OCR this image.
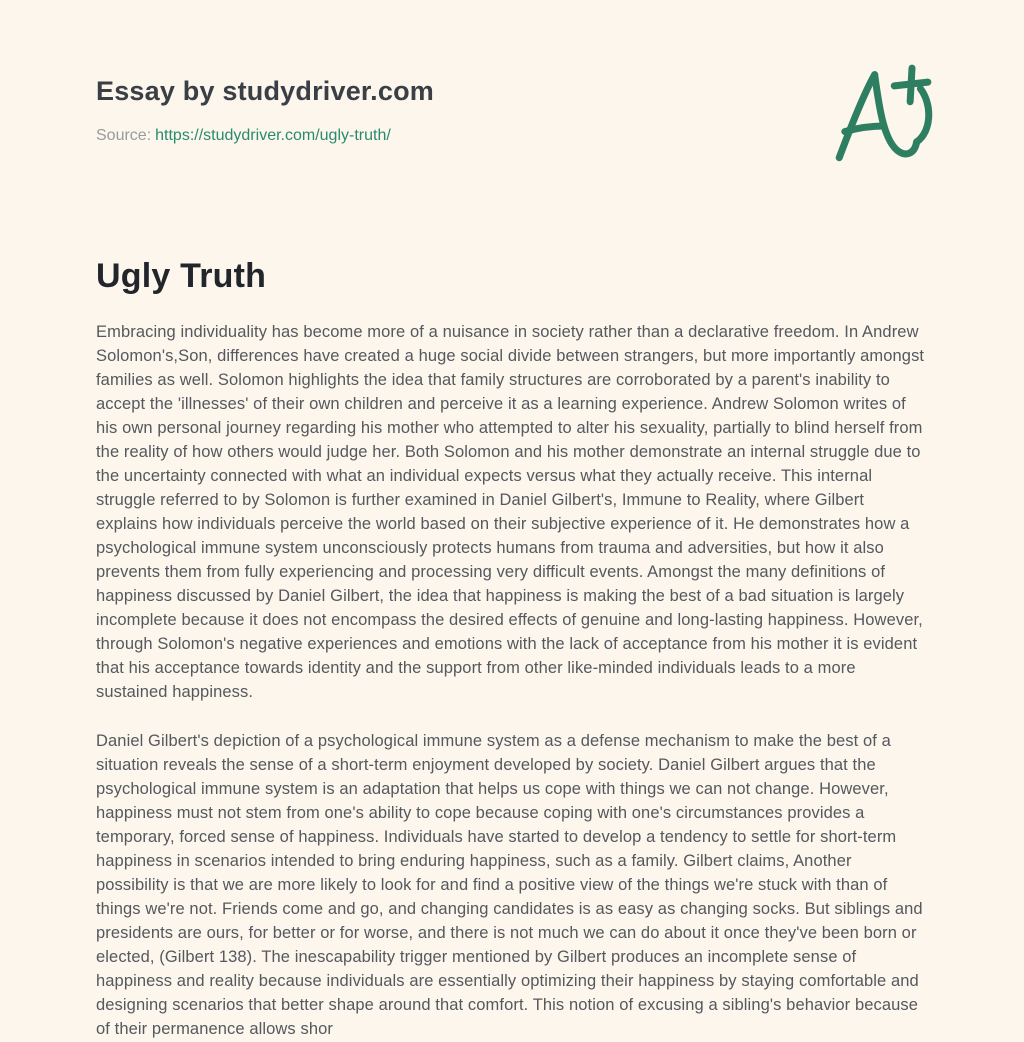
Essay by studydriver.com
Source: https://studydriver.com/ugly-truth/
Ugly Truth

Embracing individuality has become more of a nuisance in society rather than a declarative freedom. In Andrew Solomon's,Son, differences have created a huge social divide between strangers, but more importantly amongst families as well. Solomon highlights the idea that family structures are corroborated by a parent's inability to accept the 'illnesses' of their own children and perceive it as a learning experience. Andrew Solomon writes of his own personal journey regarding his mother who attempted to alter his sexuality, partially to blind herself from the reality of how others would judge her. Both Solomon and his mother demonstrate an internal struggle due to the uncertainty connected with what an individual expects versus what they actually receive. This internal struggle referred to by Solomon is further examined in Daniel Gilbert's, Immune to Reality, where Gilbert explains how individuals perceive the world based on their subjective experience of it. He demonstrates how a psychological immune system unconsciously protects humans from trauma and adversities, but how it also prevents them from fully experiencing and processing very difficult events. Amongst the many definitions of happiness discussed by Daniel Gilbert, the idea that happiness is making the best of a bad situation is largely incomplete because it does not encompass the desired effects of genuine and long-lasting happiness. However, through Solomon's negative experiences and emotions with the lack of acceptance from his mother it is evident that his acceptance towards identity and the support from other like-minded individuals leads to a more sustained happiness.

Daniel Gilbert's depiction of a psychological immune system as a defense mechanism to make the best of a situation reveals the sense of a short-term enjoyment developed by society. Daniel Gilbert argues that the psychological immune system is an adaptation that helps us cope with things we can not change. However, happiness must not stem from one's ability to cope because coping with one's circumstances provides a temporary, forced sense of happiness. Individuals have started to develop a tendency to settle for short-term happiness in scenarios intended to bring enduring happiness, such as a family. Gilbert claims, Another possibility is that we are more likely to look for and find a positive view of the things we're stuck with than of things we're not. Friends come and go, and changing candidates is as easy as changing socks. But siblings and presidents are ours, for better or for worse, and there is not much we can do about it once they've been born or elected, (Gilbert 138). The inescapability trigger mentioned by Gilbert produces an incomplete sense of happiness and reality because individuals are essentially optimizing their happiness by staying comfortable and designing scenarios that better shape around that comfort. This notion of excusing a sibling's behavior because of their permanence allows shor
